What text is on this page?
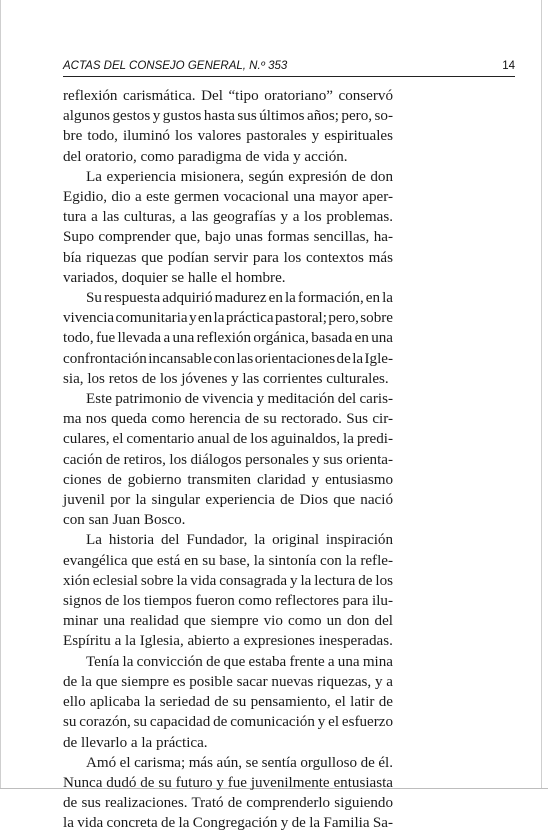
ACTAS DEL CONSEJO GENERAL, N.º 353	14
reflexión carismática. Del “tipo oratoriano” conservó
algunos gestos y gustos hasta sus últimos años; pero, so-
bre todo, iluminó los valores pastorales y espirituales
del oratorio, como paradigma de vida y acción.
La experiencia misionera, según expresión de don
Egidio, dio a este germen vocacional una mayor aper-
tura a las culturas, a las geografías y a los problemas.
Supo comprender que, bajo unas formas sencillas, ha-
bía riquezas que podían servir para los contextos más
variados, doquier se halle el hombre.
Su respuesta adquirió madurez en la formación, en la
vivencia comunitaria y en la práctica pastoral; pero, sobre
todo, fue llevada a una reflexión orgánica, basada en una
confrontación incansable con las orientaciones de la Igle-
sia, los retos de los jóvenes y las corrientes culturales.
Este patrimonio de vivencia y meditación del caris-
ma nos queda como herencia de su rectorado. Sus cir-
culares, el comentario anual de los aguinaldos, la predi-
cación de retiros, los diálogos personales y sus orienta-
ciones de gobierno transmiten claridad y entusiasmo
juvenil por la singular experiencia de Dios que nació
con san Juan Bosco.
La historia del Fundador, la original inspiración
evangélica que está en su base, la sintonía con la refle-
xión eclesial sobre la vida consagrada y la lectura de los
signos de los tiempos fueron como reflectores para ilu-
minar una realidad que siempre vio como un don del
Espíritu a la Iglesia, abierto a expresiones inesperadas.
Tenía la convicción de que estaba frente a una mina
de la que siempre es posible sacar nuevas riquezas, y a
ello aplicaba la seriedad de su pensamiento, el latir de
su corazón, su capacidad de comunicación y el esfuerzo
de llevarlo a la práctica.
Amó el carisma; más aún, se sentía orgulloso de él.
Nunca dudó de su futuro y fue juvenilmente entusiasta
de sus realizaciones. Trató de comprenderlo siguiendo
la vida concreta de la Congregación y de la Familia Sa-
